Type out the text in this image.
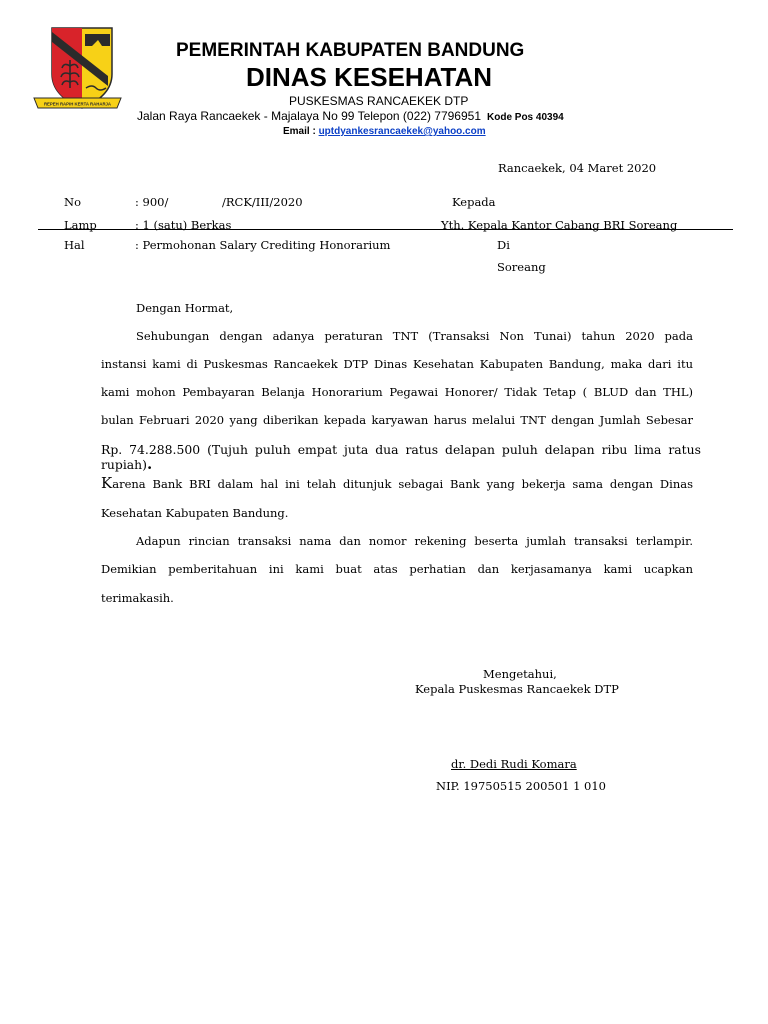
REPEH RAPIH KERTA RAHARJA
PEMERINTAH KABUPATEN BANDUNG
DINAS KESEHATAN
PUSKESMAS RANCAEKEK DTP
Jalan Raya Rancaekek - Majalaya No 99 Telepon (022) 7796951 Kode Pos 40394
Email : uptdyankesrancaekek@yahoo.com
Rancaekek, 04 Maret 2020
No	: 900/	/RCK/III/2020	Kepada
Lamp	: 1 (satu) Berkas	Yth. Kepala Kantor Cabang BRI Soreang
Hal	: Permohonan Salary Crediting Honorarium	Di
Soreang
Dengan Hormat,
Sehubungan dengan adanya peraturan TNT (Transaksi Non Tunai) tahun 2020 pada
instansi kami di Puskesmas Rancaekek DTP Dinas Kesehatan Kabupaten Bandung, maka dari itu
kami mohon Pembayaran Belanja Honorarium Pegawai Honorer/ Tidak Tetap ( BLUD dan THL)
bulan Februari 2020 yang diberikan kepada karyawan harus melalui TNT dengan Jumlah Sebesar
Rp. 74.288.500 (Tujuh puluh empat juta dua ratus delapan puluh delapan ribu lima ratus rupiah).
Karena Bank BRI dalam hal ini telah ditunjuk sebagai Bank yang bekerja sama dengan Dinas
Kesehatan Kabupaten Bandung.
Adapun rincian transaksi nama dan nomor rekening beserta jumlah transaksi terlampir.
Demikian pemberitahuan ini kami buat atas perhatian dan kerjasamanya kami ucapkan
terimakasih.
Mengetahui,
Kepala Puskesmas Rancaekek DTP
dr. Dedi Rudi Komara
NIP. 19750515 200501 1 010
